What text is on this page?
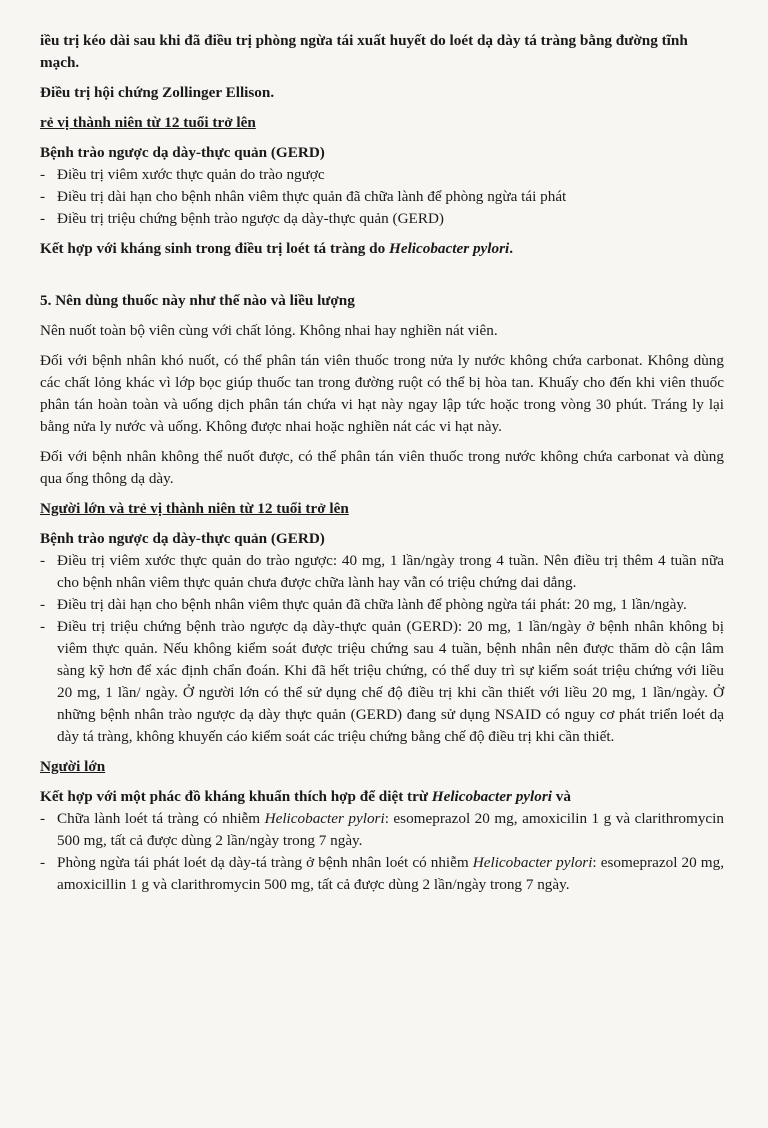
iều trị kéo dài sau khi đã điều trị phòng ngừa tái xuất huyết do loét dạ dày tá tràng bằng đường tĩnh mạch.

Điều trị hội chứng Zollinger Ellison.

rẻ vị thành niên từ 12 tuổi trở lên

Bệnh trào ngược dạ dày-thực quản (GERD)

- Điều trị viêm xước thực quản do trào ngược

- Điều trị dài hạn cho bệnh nhân viêm thực quản đã chữa lành để phòng ngừa tái phát

- Điều trị triệu chứng bệnh trào ngược dạ dày-thực quản (GERD)

Kết hợp với kháng sinh trong điều trị loét tá tràng do Helicobacter pylori.

5. Nên dùng thuốc này như thế nào và liều lượng

Nên nuốt toàn bộ viên cùng với chất lỏng. Không nhai hay nghiền nát viên.

Đối với bệnh nhân khó nuốt, có thể phân tán viên thuốc trong nửa ly nước không chứa carbonat. Không dùng các chất lỏng khác vì lớp bọc giúp thuốc tan trong đường ruột có thể bị hòa tan. Khuấy cho đến khi viên thuốc phân tán hoàn toàn và uống dịch phân tán chứa vi hạt này ngay lập tức hoặc trong vòng 30 phút. Tráng ly lại bằng nửa ly nước và uống. Không được nhai hoặc nghiền nát các vi hạt này.

Đối với bệnh nhân không thể nuốt được, có thể phân tán viên thuốc trong nước không chứa carbonat và dùng qua ống thông dạ dày.

Người lớn và trẻ vị thành niên từ 12 tuổi trở lên

Bệnh trào ngược dạ dày-thực quản (GERD)

- Điều trị viêm xước thực quản do trào ngược: 40 mg, 1 lần/ngày trong 4 tuần. Nên điều trị thêm 4 tuần nữa cho bệnh nhân viêm thực quản chưa được chữa lành hay vẫn có triệu chứng dai dẳng.

- Điều trị dài hạn cho bệnh nhân viêm thực quản đã chữa lành để phòng ngừa tái phát: 20 mg, 1 lần/ngày.

- Điều trị triệu chứng bệnh trào ngược dạ dày-thực quản (GERD): 20 mg, 1 lần/ngày ở bệnh nhân không bị viêm thực quản. Nếu không kiểm soát được triệu chứng sau 4 tuần, bệnh nhân nên được thăm dò cận lâm sàng kỹ hơn để xác định chẩn đoán. Khi đã hết triệu chứng, có thể duy trì sự kiểm soát triệu chứng với liều 20 mg, 1 lần/ ngày. Ở người lớn có thể sử dụng chế độ điều trị khi cần thiết với liều 20 mg, 1 lần/ngày. Ở những bệnh nhân trào ngược dạ dày thực quản (GERD) đang sử dụng NSAID có nguy cơ phát triển loét dạ dày tá tràng, không khuyến cáo kiểm soát các triệu chứng bằng chế độ điều trị khi cần thiết.

Người lớn

Kết hợp với một phác đồ kháng khuẩn thích hợp để diệt trừ Helicobacter pylori và

- Chữa lành loét tá tràng có nhiễm Helicobacter pylori: esomeprazol 20 mg, amoxicilin 1 g và clarithromycin 500 mg, tất cả được dùng 2 lần/ngày trong 7 ngày.

- Phòng ngừa tái phát loét dạ dày-tá tràng ở bệnh nhân loét có nhiễm Helicobacter pylori: esomeprazol 20 mg, amoxicillin 1 g và clarithromycin 500 mg, tất cả được dùng 2 lần/ngày trong 7 ngày.
